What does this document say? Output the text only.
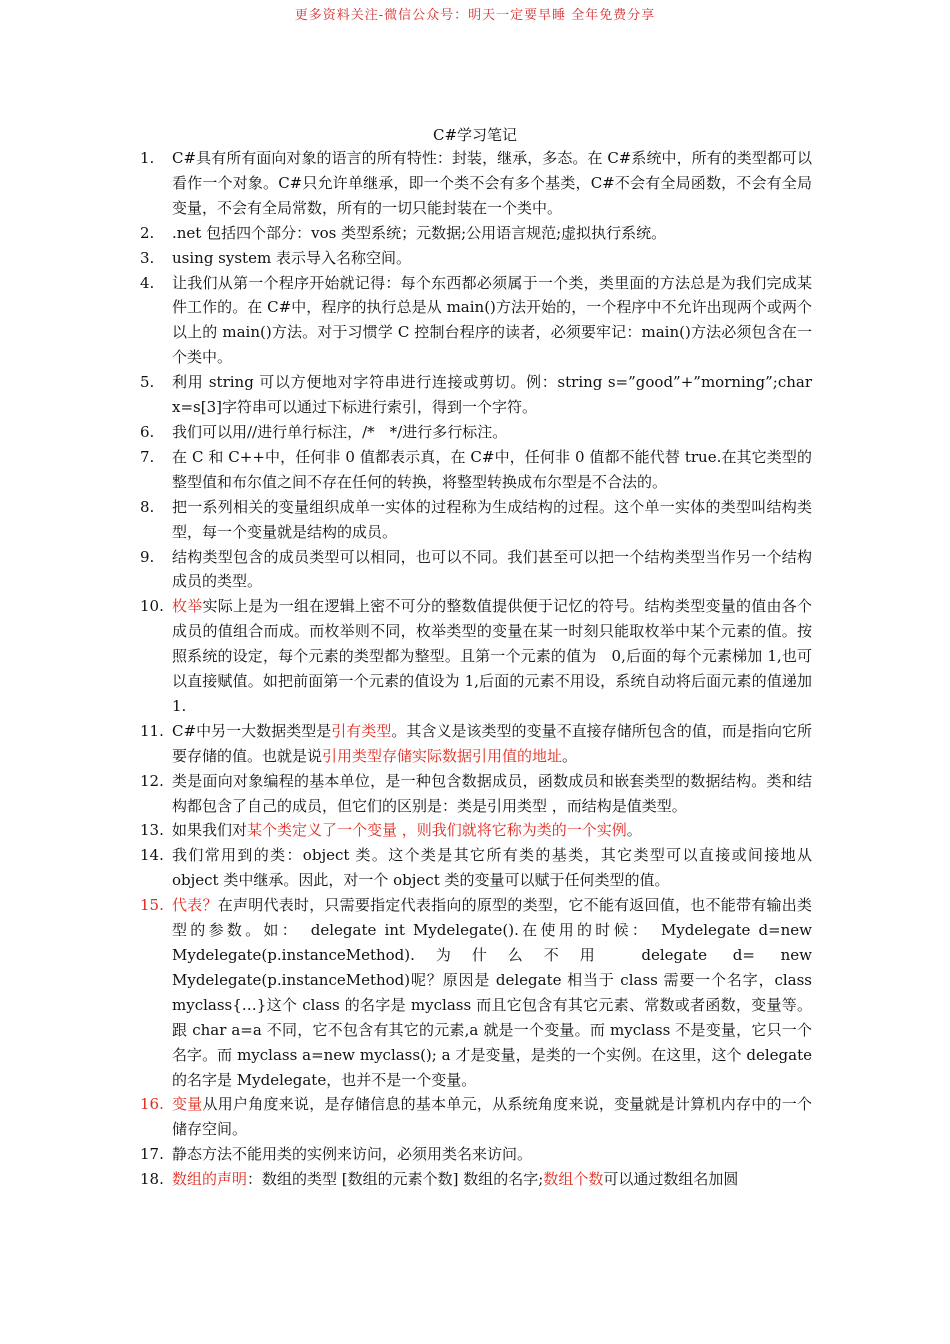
更多资料关注-微信公众号：明天一定要早睡 全年免费分享
C#学习笔记
1.	C#具有所有面向对象的语言的所有特性：封装，继承，多态。在 C#系统中，所有的类型都可以看作一个对象。C#只允许单继承，即一个类不会有多个基类，C#不会有全局函数，不会有全局变量，不会有全局常数，所有的一切只能封装在一个类中。
2.	.net 包括四个部分：vos 类型系统；元数据;公用语言规范;虚拟执行系统。
3.	using system 表示导入名称空间。
4.	让我们从第一个程序开始就记得：每个东西都必须属于一个类，类里面的方法总是为我们完成某件工作的。在 C#中，程序的执行总是从 main()方法开始的，一个程序中不允许出现两个或两个以上的 main()方法。对于习惯学 C 控制台程序的读者，必须要牢记：main()方法必须包含在一个类中。
5.	利用 string 可以方便地对字符串进行连接或剪切。例：string s=”good”+”morning”;char x=s[3]字符串可以通过下标进行索引，得到一个字符。
6.	我们可以用//进行单行标注，/*　*/进行多行标注。
7.	在 C 和 C++中，任何非 0 值都表示真，在 C#中，任何非 0 值都不能代替 true.在其它类型的整型值和布尔值之间不存在任何的转换，将整型转换成布尔型是不合法的。
8.	把一系列相关的变量组织成单一实体的过程称为生成结构的过程。这个单一实体的类型叫结构类型，每一个变量就是结构的成员。
9.	结构类型包含的成员类型可以相同，也可以不同。我们甚至可以把一个结构类型当作另一个结构成员的类型。
10. 枚举实际上是为一组在逻辑上密不可分的整数值提供便于记忆的符号。结构类型变量的值由各个成员的值组合而成。而枚举则不同，枚举类型的变量在某一时刻只能取枚举中某个元素的值。按照系统的设定，每个元素的类型都为整型。且第一个元素的值为　0,后面的每个元素梯加 1,也可以直接赋值。如把前面第一个元素的值设为 1,后面的元素不用设，系统自动将后面元素的值递加 1.
11. C#中另一大数据类型是引有类型。其含义是该类型的变量不直接存储所包含的值，而是指向它所要存储的值。也就是说引用类型存储实际数据引用值的地址。
12. 类是面向对象编程的基本单位，是一种包含数据成员，函数成员和嵌套类型的数据结构。类和结构都包含了自己的成员，但它们的区别是：类是引用类型 ，而结构是值类型。
13. 如果我们对某个类定义了一个变量 ，则我们就将它称为类的一个实例。
14. 我们常用到的类：object 类。这个类是其它所有类的基类，其它类型可以直接或间接地从 object 类中继承。因此，对一个 object 类的变量可以赋于任何类型的值。
15. 代表？在声明代表时，只需要指定代表指向的原型的类型，它不能有返回值，也不能带有输出类型的参数。如：　delegate int Mydelegate().在使用的时候：　Mydelegate d=new Mydelegate(p.instanceMethod).为什么不用 delegate d= new Mydelegate(p.instanceMethod)呢？原因是 delegate 相当于 class 需要一个名字，class myclass{…}这个 class 的名字是 myclass 而且它包含有其它元素、常数或者函数，变量等。跟 char a=a 不同，它不包含有其它的元素,a 就是一个变量。而 myclass 不是变量，它只一个名字。而 myclass a=new myclass(); a 才是变量，是类的一个实例。在这里，这个 delegate 的名字是 Mydelegate，也并不是一个变量。
16. 变量从用户角度来说，是存储信息的基本单元，从系统角度来说，变量就是计算机内存中的一个储存空间。
17. 静态方法不能用类的实例来访问，必须用类名来访问。
18. 数组的声明：数组的类型 [数组的元素个数] 数组的名字;数组个数可以通过数组名加圆
